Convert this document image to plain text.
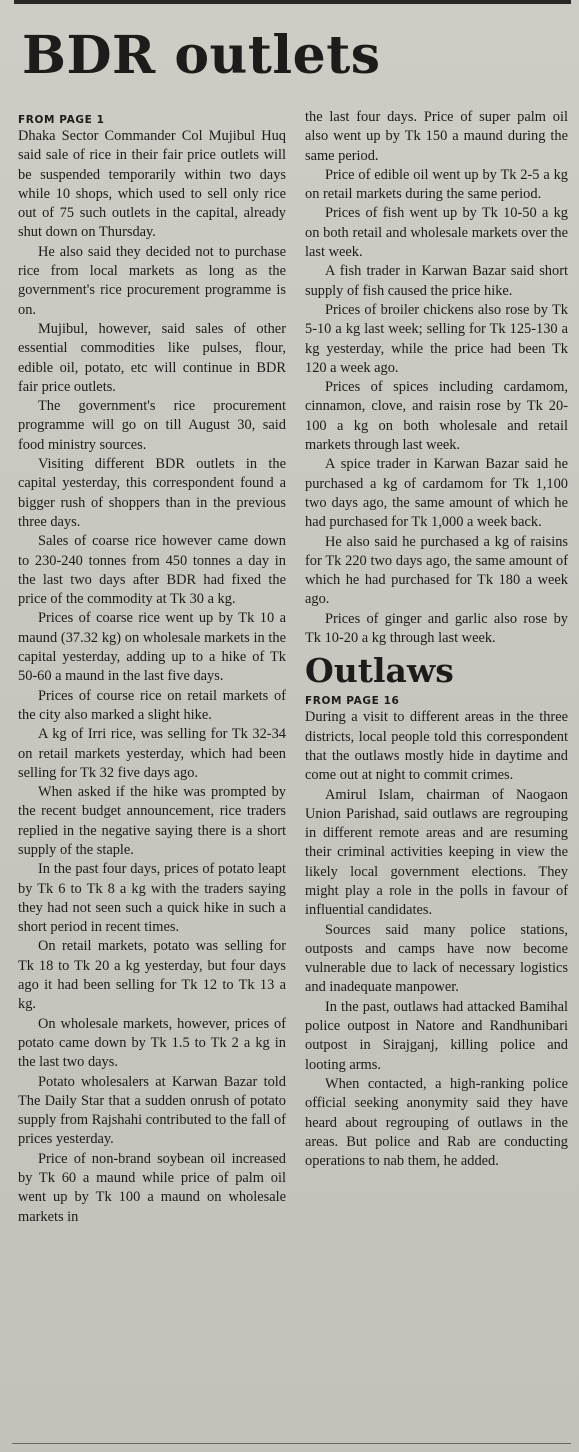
BDR outlets
FROM PAGE 1

Dhaka Sector Commander Col Mujibul Huq said sale of rice in their fair price outlets will be suspended temporarily within two days while 10 shops, which used to sell only rice out of 75 such outlets in the capital, already shut down on Thursday.

He also said they decided not to purchase rice from local markets as long as the government's rice procurement programme is on.

Mujibul, however, said sales of other essential commodities like pulses, flour, edible oil, potato, etc will continue in BDR fair price outlets.

The government's rice procurement programme will go on till August 30, said food ministry sources.

Visiting different BDR outlets in the capital yesterday, this correspondent found a bigger rush of shoppers than in the previous three days.

Sales of coarse rice however came down to 230-240 tonnes from 450 tonnes a day in the last two days after BDR had fixed the price of the commodity at Tk 30 a kg.

Prices of coarse rice went up by Tk 10 a maund (37.32 kg) on wholesale markets in the capital yesterday, adding up to a hike of Tk 50-60 a maund in the last five days.

Prices of course rice on retail markets of the city also marked a slight hike.

A kg of Irri rice, was selling for Tk 32-34 on retail markets yesterday, which had been selling for Tk 32 five days ago.

When asked if the hike was prompted by the recent budget announcement, rice traders replied in the negative saying there is a short supply of the staple.

In the past four days, prices of potato leapt by Tk 6 to Tk 8 a kg with the traders saying they had not seen such a quick hike in such a short period in recent times.

On retail markets, potato was selling for Tk 18 to Tk 20 a kg yesterday, but four days ago it had been selling for Tk 12 to Tk 13 a kg.

On wholesale markets, however, prices of potato came down by Tk 1.5 to Tk 2 a kg in the last two days.

Potato wholesalers at Karwan Bazar told The Daily Star that a sudden onrush of potato supply from Rajshahi contributed to the fall of prices yesterday.

Price of non-brand soybean oil increased by Tk 60 a maund while price of palm oil went up by Tk 100 a maund on wholesale markets in

the last four days. Price of super palm oil also went up by Tk 150 a maund during the same period.

Price of edible oil went up by Tk 2-5 a kg on retail markets during the same period.

Prices of fish went up by Tk 10-50 a kg on both retail and wholesale markets over the last week.

A fish trader in Karwan Bazar said short supply of fish caused the price hike.

Prices of broiler chickens also rose by Tk 5-10 a kg last week; selling for Tk 125-130 a kg yesterday, while the price had been Tk 120 a week ago.

Prices of spices including cardamom, cinnamon, clove, and raisin rose by Tk 20-100 a kg on both wholesale and retail markets through last week.

A spice trader in Karwan Bazar said he purchased a kg of cardamom for Tk 1,100 two days ago, the same amount of which he had purchased for Tk 1,000 a week back.

He also said he purchased a kg of raisins for Tk 220 two days ago, the same amount of which he had purchased for Tk 180 a week ago.

Prices of ginger and garlic also rose by Tk 10-20 a kg through last week.

Outlaws
FROM PAGE 16

During a visit to different areas in the three districts, local people told this correspondent that the outlaws mostly hide in daytime and come out at night to commit crimes.

Amirul Islam, chairman of Naogaon Union Parishad, said outlaws are regrouping in different remote areas and are resuming their criminal activities keeping in view the likely local government elections. They might play a role in the polls in favour of influential candidates.

Sources said many police stations, outposts and camps have now become vulnerable due to lack of necessary logistics and inadequate manpower.

In the past, outlaws had attacked Bamihal police outpost in Natore and Randhunibari outpost in Sirajganj, killing police and looting arms.

When contacted, a high-ranking police official seeking anonymity said they have heard about regrouping of outlaws in the areas. But police and Rab are conducting operations to nab them, he added.
